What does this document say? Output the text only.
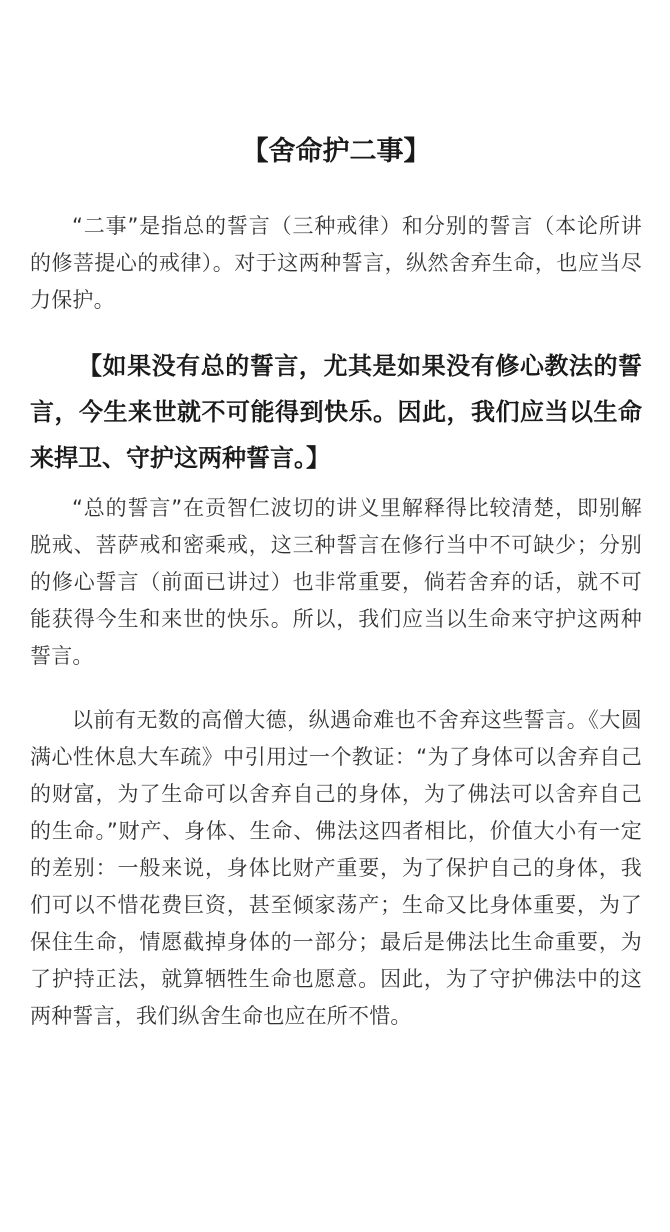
【舍命护二事】

“二事”是指总的誓言（三种戒律）和分别的誓言（本论所讲的修菩提心的戒律）。对于这两种誓言，纵然舍弃生命，也应当尽力保护。

【如果没有总的誓言，尤其是如果没有修心教法的誓言，今生来世就不可能得到快乐。因此，我们应当以生命来捍卫、守护这两种誓言。】

“总的誓言”在贡智仁波切的讲义里解释得比较清楚，即别解脱戒、菩萨戒和密乘戒，这三种誓言在修行当中不可缺少；分别的修心誓言（前面已讲过）也非常重要，倘若舍弃的话，就不可能获得今生和来世的快乐。所以，我们应当以生命来守护这两种誓言。

以前有无数的高僧大德，纵遇命难也不舍弃这些誓言。《大圆满心性休息大车疏》中引用过一个教证：“为了身体可以舍弃自己的财富，为了生命可以舍弃自己的身体，为了佛法可以舍弃自己的生命。”财产、身体、生命、佛法这四者相比，价值大小有一定的差别：一般来说，身体比财产重要，为了保护自己的身体，我们可以不惜花费巨资，甚至倾家荡产；生命又比身体重要，为了保住生命，情愿截掉身体的一部分；最后是佛法比生命重要，为了护持正法，就算牺牲生命也愿意。因此，为了守护佛法中的这两种誓言，我们纵舍生命也应在所不惜。
